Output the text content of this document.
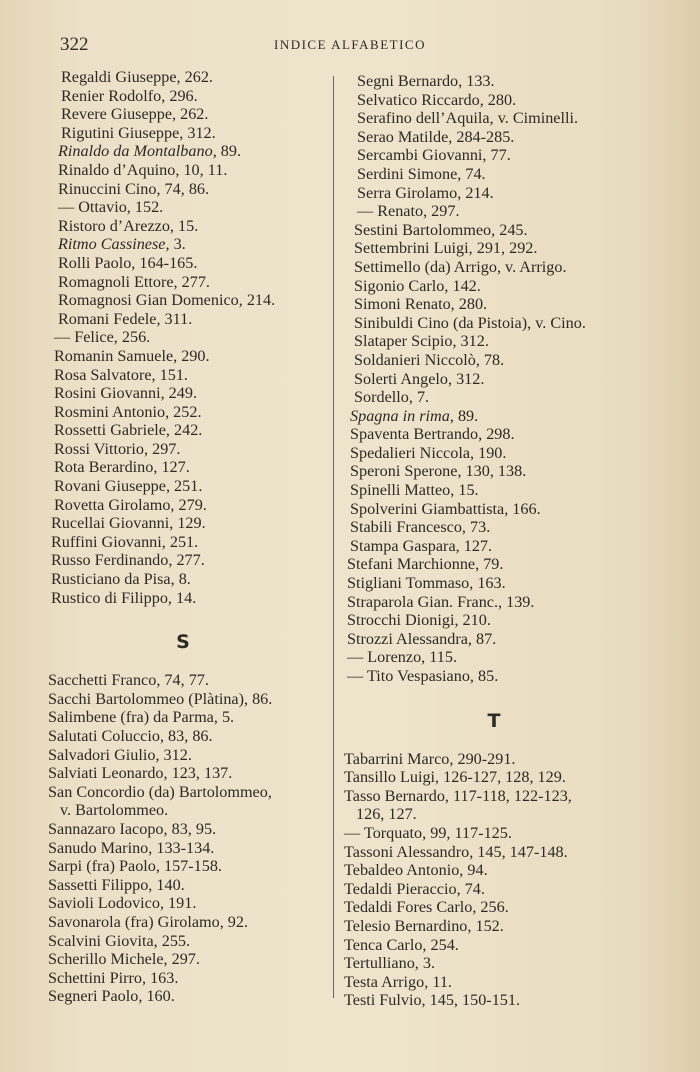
322	INDICE ALFABETICO
Regaldi Giuseppe, 262.
Renier Rodolfo, 296.
Revere Giuseppe, 262.
Rigutini Giuseppe, 312.
Rinaldo da Montalbano, 89.
Rinaldo d’Aquino, 10, 11.
Rinuccini Cino, 74, 86.
— Ottavio, 152.
Ristoro d’Arezzo, 15.
Ritmo Cassinese, 3.
Rolli Paolo, 164-165.
Romagnoli Ettore, 277.
Romagnosi Gian Domenico, 214.
Romani Fedele, 311.
— Felice, 256.
Romanin Samuele, 290.
Rosa Salvatore, 151.
Rosini Giovanni, 249.
Rosmini Antonio, 252.
Rossetti Gabriele, 242.
Rossi Vittorio, 297.
Rota Berardino, 127.
Rovani Giuseppe, 251.
Rovetta Girolamo, 279.
Rucellai Giovanni, 129.
Ruffini Giovanni, 251.
Russo Ferdinando, 277.
Rusticiano da Pisa, 8.
Rustico di Filippo, 14.
S
Sacchetti Franco, 74, 77.
Sacchi Bartolommeo (Plàtina), 86.
Salimbene (fra) da Parma, 5.
Salutati Coluccio, 83, 86.
Salvadori Giulio, 312.
Salviati Leonardo, 123, 137.
San Concordio (da) Bartolommeo,
v. Bartolommeo.
Sannazaro Iacopo, 83, 95.
Sanudo Marino, 133-134.
Sarpi (fra) Paolo, 157-158.
Sassetti Filippo, 140.
Savioli Lodovico, 191.
Savonarola (fra) Girolamo, 92.
Scalvini Giovita, 255.
Scherillo Michele, 297.
Schettini Pirro, 163.
Segneri Paolo, 160.
Segni Bernardo, 133.
Selvatico Riccardo, 280.
Serafino dell’Aquila, v. Ciminelli.
Serao Matilde, 284-285.
Sercambi Giovanni, 77.
Serdini Simone, 74.
Serra Girolamo, 214.
— Renato, 297.
Sestini Bartolommeo, 245.
Settembrini Luigi, 291, 292.
Settimello (da) Arrigo, v. Arrigo.
Sigonio Carlo, 142.
Simoni Renato, 280.
Sinibuldi Cino (da Pistoia), v. Cino.
Slataper Scipio, 312.
Soldanieri Niccolò, 78.
Solerti Angelo, 312.
Sordello, 7.
Spagna in rima, 89.
Spaventa Bertrando, 298.
Spedalieri Niccola, 190.
Speroni Sperone, 130, 138.
Spinelli Matteo, 15.
Spolverini Giambattista, 166.
Stabili Francesco, 73.
Stampa Gaspara, 127.
Stefani Marchionne, 79.
Stigliani Tommaso, 163.
Straparola Gian. Franc., 139.
Strocchi Dionigi, 210.
Strozzi Alessandra, 87.
— Lorenzo, 115.
— Tito Vespasiano, 85.
T
Tabarrini Marco, 290-291.
Tansillo Luigi, 126-127, 128, 129.
Tasso Bernardo, 117-118, 122-123,
126, 127.
— Torquato, 99, 117-125.
Tassoni Alessandro, 145, 147-148.
Tebaldeo Antonio, 94.
Tedaldi Pieraccio, 74.
Tedaldi Fores Carlo, 256.
Telesio Bernardino, 152.
Tenca Carlo, 254.
Tertulliano, 3.
Testa Arrigo, 11.
Testi Fulvio, 145, 150-151.
